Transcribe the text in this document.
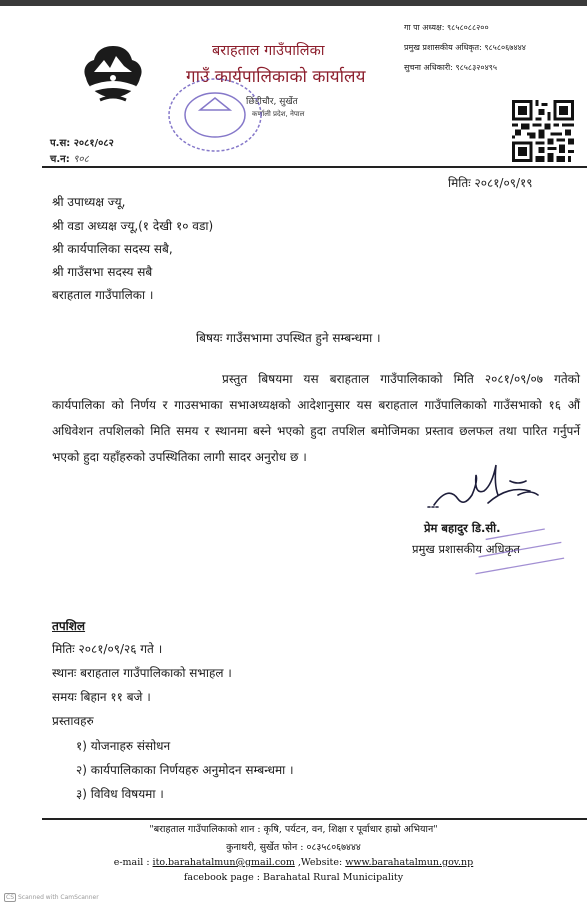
बराहताल गाउँपालिका
गाउँ कार्यपालिकाको कार्यालय
छिंडीचौर, सुर्खेत
कर्णाली प्रदेश, नेपाल
गा पा अध्यक्ष: ९८५८०८८२००
प्रमुख प्रशासकीय अधिकृत: ९८५८०६७४४४
सुचना अधिकारी: ९८५८३२०४९५
प.स: २०८१/०८२
च.न: ९०८
मितिः २०८१/०९/१९
श्री उपाध्यक्ष ज्यू,
श्री वडा अध्यक्ष ज्यू,(१ देखी १० वडा)
श्री कार्यपालिका सदस्य सबै,
श्री गाउँसभा सदस्य सबै
बराहताल गाउँपालिका ।
बिषयः गाउँसभामा उपस्थित हुने सम्बन्धमा ।
प्रस्तुत बिषयमा यस बराहताल गाउँपालिकाको मिति २०८१/०९/०७ गतेको कार्यपालिका को निर्णय र गाउसभाका सभाअध्यक्षको आदेशानुसार यस बराहताल गाउँपालिकाको गाउँसभाको १६ औं अधिवेशन तपशिलको मिति समय र स्थानमा बस्ने भएको हुदा तपशिल बमोजिमका प्रस्ताव छलफल तथा पारित गर्नुपर्ने भएको हुदा यहाँहरुको उपस्थितिका लागी सादर अनुरोध छ ।
प्रेम बहादुर डि.सी.
प्रमुख प्रशासकीय अधिकृत
तपशिल
मितिः २०८१/०९/२६ गते ।
स्थानः बराहताल गाउँपालिकाको सभाहल ।
समयः बिहान ११ बजे ।
प्रस्तावहरु
१) योजनाहरु संसोधन
२) कार्यपालिकाका निर्णयहरु अनुमोदन सम्बन्धमा ।
३) विविध विषयमा ।
"बराहताल गाउँपालिकाको शान : कृषि, पर्यटन, वन, शिक्षा र पूर्वाधार हाम्रो अभियान"
कुनाथरी, सुर्खेत फोन : ०८३५८०६७४४४
e-mail : ito.barahatalmun@gmail.com ,Website: www.barahatalmun.gov.np
facebook page : Barahatal Rural Municipality
CS Scanned with CamScanner
